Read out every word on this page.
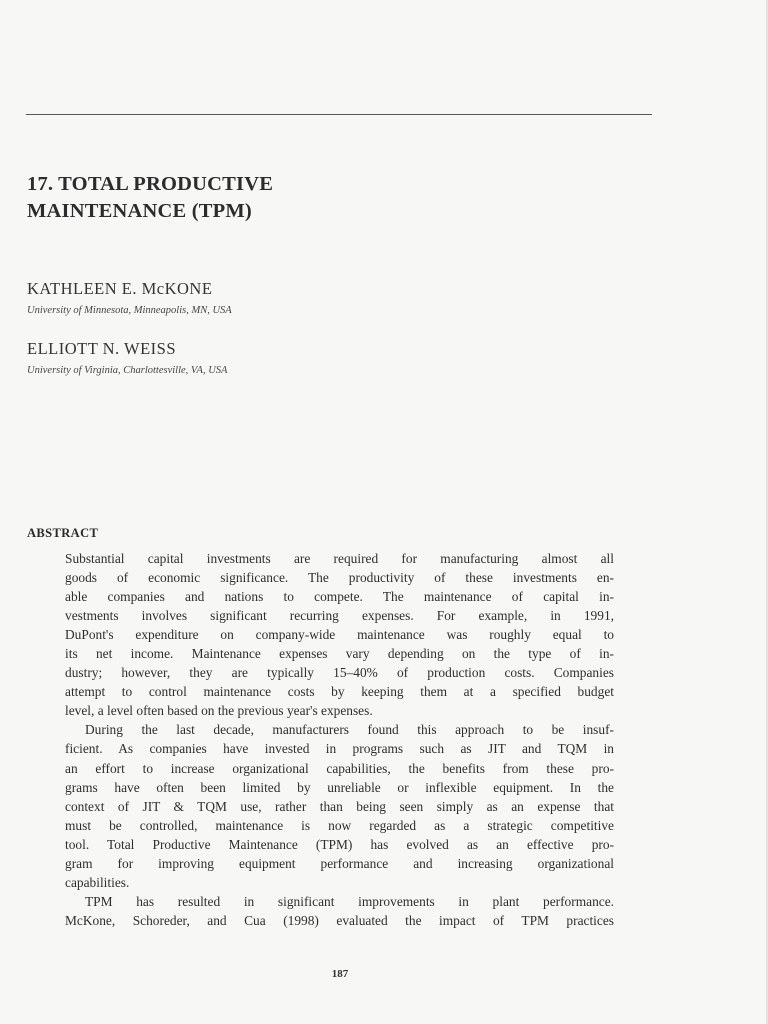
17. TOTAL PRODUCTIVE
MAINTENANCE (TPM)
KATHLEEN E. McKONE
University of Minnesota, Minneapolis, MN, USA
ELLIOTT N. WEISS
University of Virginia, Charlottesville, VA, USA
ABSTRACT

Substantial capital investments are required for manufacturing almost all
goods of economic significance. The productivity of these investments en-
able companies and nations to compete. The maintenance of capital in-
vestments involves significant recurring expenses. For example, in 1991,
DuPont's expenditure on company-wide maintenance was roughly equal to
its net income. Maintenance expenses vary depending on the type of in-
dustry; however, they are typically 15–40% of production costs. Companies
attempt to control maintenance costs by keeping them at a specified budget
level, a level often based on the previous year's expenses.

During the last decade, manufacturers found this approach to be insuf-
ficient. As companies have invested in programs such as JIT and TQM in
an effort to increase organizational capabilities, the benefits from these pro-
grams have often been limited by unreliable or inflexible equipment. In the
context of JIT & TQM use, rather than being seen simply as an expense that
must be controlled, maintenance is now regarded as a strategic competitive
tool. Total Productive Maintenance (TPM) has evolved as an effective pro-
gram for improving equipment performance and increasing organizational
capabilities.

TPM has resulted in significant improvements in plant performance.
McKone, Schoreder, and Cua (1998) evaluated the impact of TPM practices

187
